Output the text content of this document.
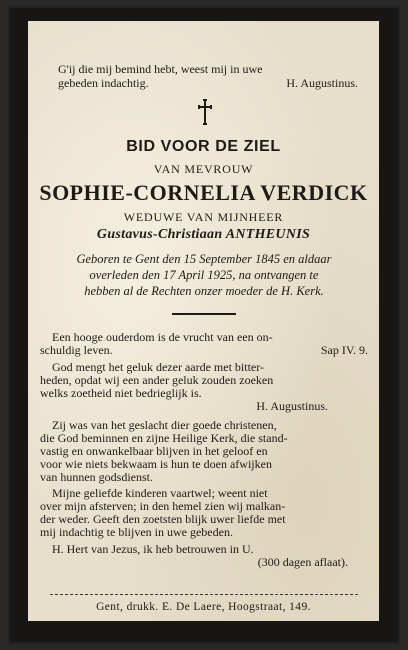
G'ij die mij bemind hebt, weest mij in uwe
gebeden indachtig.	H. Augustinus.
BID VOOR DE ZIEL
VAN MEVROUW
SOPHIE-CORNELIA VERDICK
WEDUWE VAN MIJNHEER
Gustavus-Christiaan ANTHEUNIS
Geboren te Gent den 15 September 1845 en aldaar
overleden den 17 April 1925, na ontvangen te
hebben al de Rechten onzer moeder de H. Kerk.
Een hooge ouderdom is de vrucht van een on-
schuldig leven.	Sap IV. 9.
God mengt het geluk dezer aarde met bitter-
heden, opdat wij een ander geluk zouden zoeken
welks zoetheid niet bedrieglijk is.
H. Augustinus.
Zij was van het geslacht dier goede christenen,
die God beminnen en zijne Heilige Kerk, die stand-
vastig en onwankelbaar blijven in het geloof en
voor wie niets bekwaam is hun te doen afwijken
van hunnen godsdienst.
Mijne geliefde kinderen vaartwel; weent niet
over mijn afsterven; in den hemel zien wij malkan-
der weder. Geeft den zoetsten blijk uwer liefde met
mij indachtig te blijven in uwe gebeden.
H. Hert van Jezus, ik heb betrouwen in U.
(300 dagen aflaat).
Gent, drukk. E. De Laere, Hoogstraat, 149.
